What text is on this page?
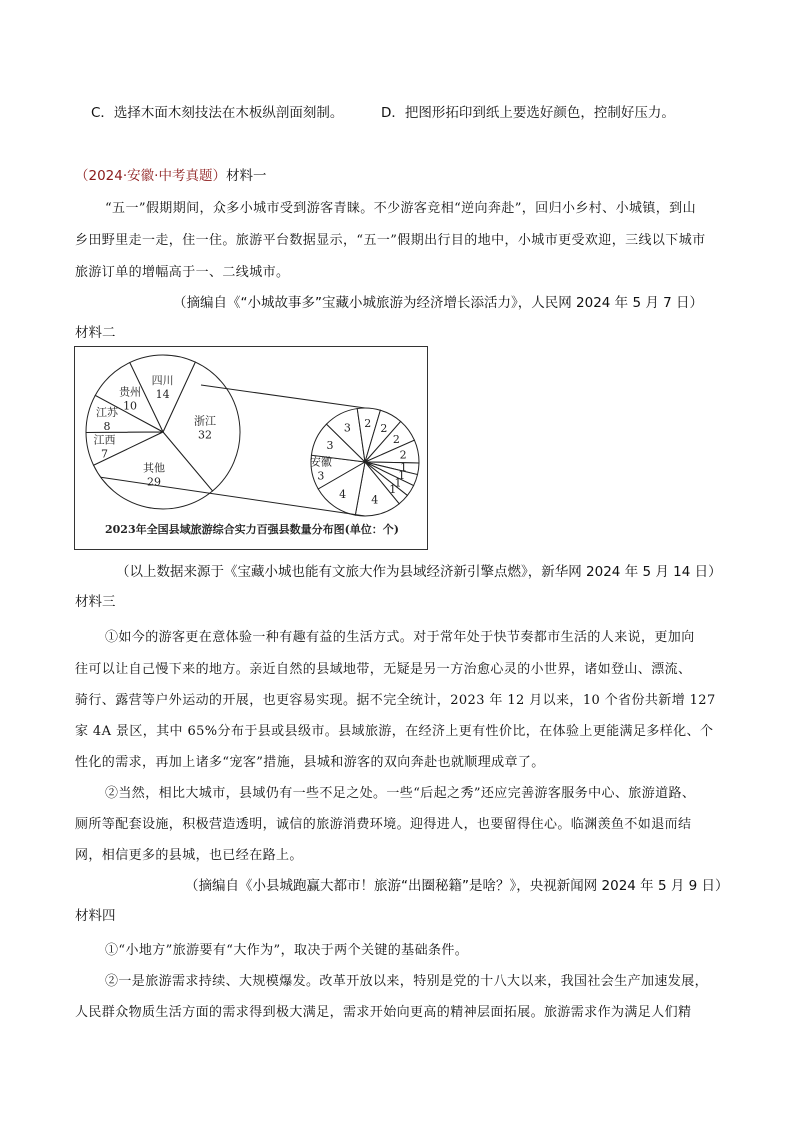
C．选择木面木刻技法在木板纵剖面刻制。	D．把图形拓印到纸上要选好颜色，控制好压力。
（2024·安徽·中考真题）材料一
“五一”假期期间，众多小城市受到游客青睐。不少游客竞相“逆向奔赴”，回归小乡村、小城镇，到山
乡田野里走一走，住一住。旅游平台数据显示，“五一”假期出行目的地中，小城市更受欢迎，三线以下城市
旅游订单的增幅高于一、二线城市。
（摘编自《“小城故事多”宝藏小城旅游为经济增长添活力》，人民网 2024 年 5 月 7 日）
材料二
浙江
32
四川
14
贵州
10
江苏
8
江西
7
其他
29
安徽
3
3
3 2 2
2
2
1
1
1
1
4
4
2023年全国县域旅游综合实力百强县数量分布图(单位：个)
（以上数据来源于《宝藏小城也能有文旅大作为县域经济新引擎点燃》，新华网 2024 年 5 月 14 日）
材料三
①如今的游客更在意体验一种有趣有益的生活方式。对于常年处于快节奏都市生活的人来说，更加向
往可以让自己慢下来的地方。亲近自然的县域地带，无疑是另一方治愈心灵的小世界，诸如登山、漂流、
骑行、露营等户外运动的开展，也更容易实现。据不完全统计，2023 年 12 月以来，10 个省份共新增 127
家 4A 景区，其中 65%分布于县或县级市。县域旅游，在经济上更有性价比，在体验上更能满足多样化、个
性化的需求，再加上诸多“宠客”措施，县城和游客的双向奔赴也就顺理成章了。
②当然，相比大城市，县域仍有一些不足之处。一些“后起之秀”还应完善游客服务中心、旅游道路、
厕所等配套设施，积极营造透明，诚信的旅游消费环境。迎得进人，也要留得住心。临渊羡鱼不如退而结
网，相信更多的县城，也已经在路上。
（摘编自《小县城跑赢大都市！旅游“出圈秘籍”是啥？》，央视新闻网 2024 年 5 月 9 日）
材料四
①“小地方”旅游要有“大作为”，取决于两个关键的基础条件。
②一是旅游需求持续、大规模爆发。改革开放以来，特别是党的十八大以来，我国社会生产加速发展，
人民群众物质生活方面的需求得到极大满足，需求开始向更高的精神层面拓展。旅游需求作为满足人们精
